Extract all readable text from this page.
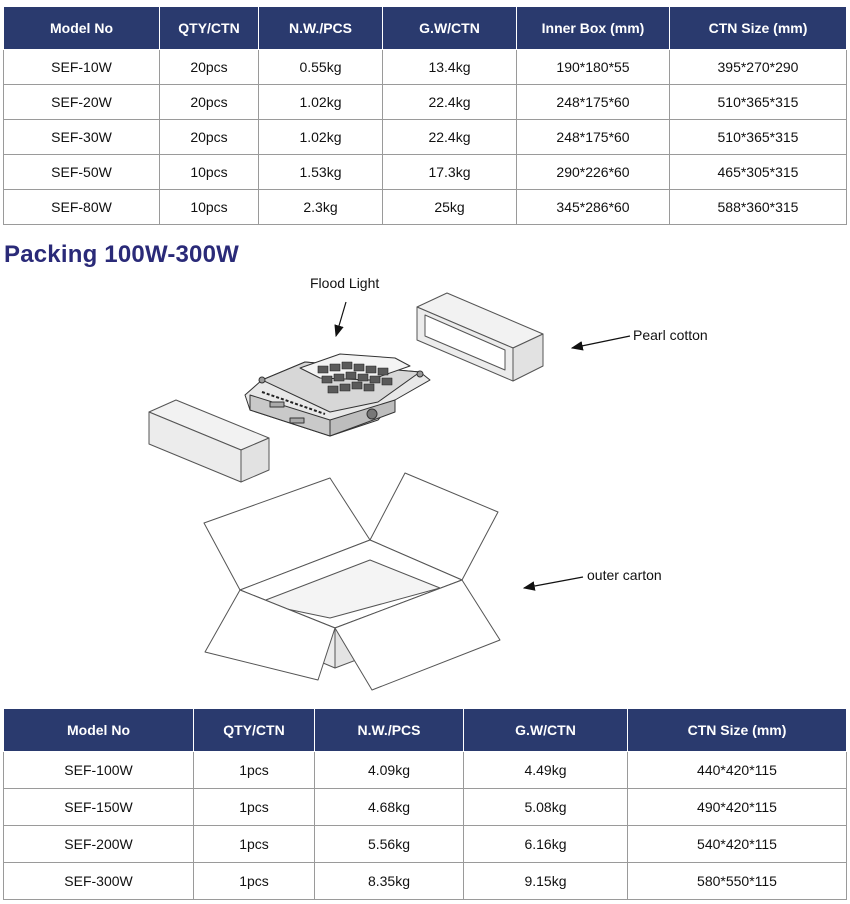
Model No	QTY/CTN	N.W./PCS	G.W/CTN	Inner Box (mm)	CTN Size (mm)
SEF-10W	20pcs	0.55kg	13.4kg	190*180*55	395*270*290
SEF-20W	20pcs	1.02kg	22.4kg	248*175*60	510*365*315
SEF-30W	20pcs	1.02kg	22.4kg	248*175*60	510*365*315
SEF-50W	10pcs	1.53kg	17.3kg	290*226*60	465*305*315
SEF-80W	10pcs	2.3kg	25kg	345*286*60	588*360*315
Packing 100W-300W
Flood Light
Pearl cotton
outer carton
Model No	QTY/CTN	N.W./PCS	G.W/CTN	CTN Size (mm)
SEF-100W	1pcs	4.09kg	4.49kg	440*420*115
SEF-150W	1pcs	4.68kg	5.08kg	490*420*115
SEF-200W	1pcs	5.56kg	6.16kg	540*420*115
SEF-300W	1pcs	8.35kg	9.15kg	580*550*115
